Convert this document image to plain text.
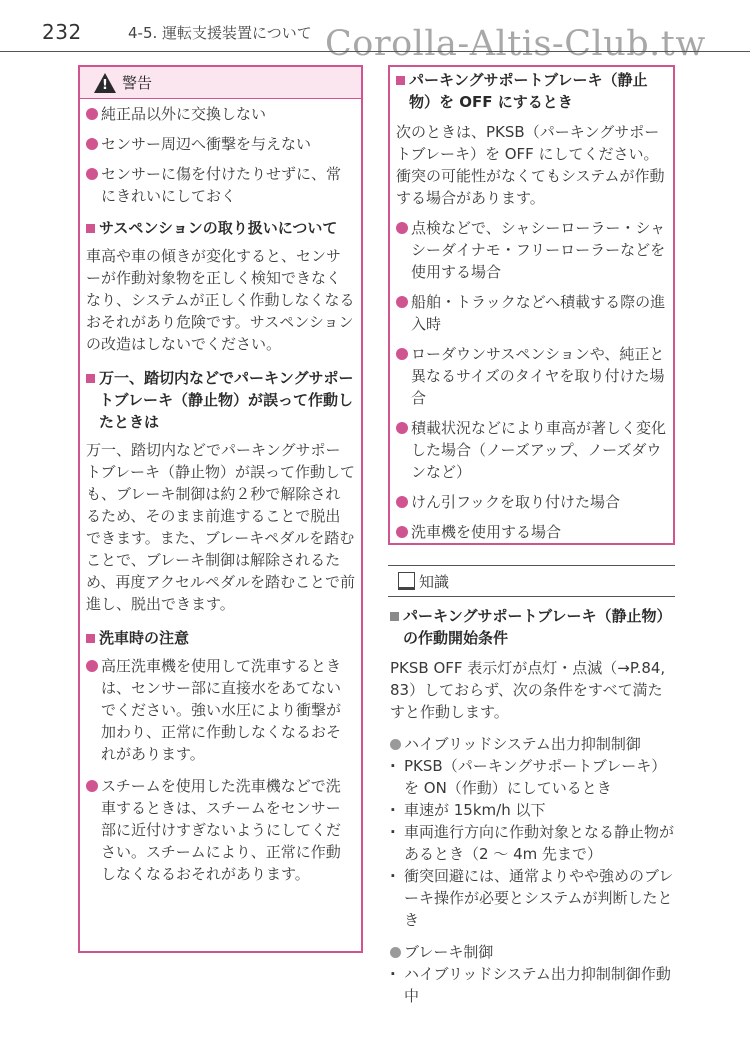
232	4-5. 運転支援装置について Corolla-Altis-Club.tw
!
警告
純正品以外に交換しない
センサー周辺へ衝撃を与えない
センサーに傷を付けたりせずに、常にきれいにしておく
サスペンションの取り扱いについて
車高や車の傾きが変化すると、センサーが作動対象物を正しく検知できなくなり、システムが正しく作動しなくなるおそれがあり危険です。サスペンションの改造はしないでください。
万一、踏切内などでパーキングサポートブレーキ（静止物）が誤って作動したときは
万一、踏切内などでパーキングサポートブレーキ（静止物）が誤って作動しても、ブレーキ制御は約２秒で解除されるため、そのまま前進することで脱出できます。また、ブレーキペダルを踏むことで、ブレーキ制御は解除されるため、再度アクセルペダルを踏むことで前進し、脱出できます。
洗車時の注意
高圧洗車機を使用して洗車するときは、センサー部に直接水をあてないでください。強い水圧により衝撃が加わり、正常に作動しなくなるおそれがあります。
スチームを使用した洗車機などで洗車するときは、スチームをセンサー部に近付けすぎないようにしてください。スチームにより、正常に作動しなくなるおそれがあります。
パーキングサポートブレーキ（静止物）を OFF にするとき
次のときは、PKSB（パーキングサポートブレーキ）を OFF にしてください。衝突の可能性がなくてもシステムが作動する場合があります。
点検などで、シャシーローラー・シャシーダイナモ・フリーローラーなどを使用する場合
船舶・トラックなどへ積載する際の進入時
ローダウンサスペンションや、純正と異なるサイズのタイヤを取り付けた場合
積載状況などにより車高が著しく変化した場合（ノーズアップ、ノーズダウンなど）
けん引フックを取り付けた場合
洗車機を使用する場合
知識
パーキングサポートブレーキ（静止物）の作動開始条件
PKSB OFF 表示灯が点灯・点滅（→P.84, 83）しておらず、次の条件をすべて満たすと作動します。
ハイブリッドシステム出力抑制制御
·
PKSB（パーキングサポートブレーキ）を ON（作動）にしているとき
·
車速が 15km/h 以下
·
車両進行方向に作動対象となる静止物があるとき（2 ～ 4m 先まで）
·
衝突回避には、通常よりやや強めのブレーキ操作が必要とシステムが判断したとき
ブレーキ制御
·
ハイブリッドシステム出力抑制制御作動中
